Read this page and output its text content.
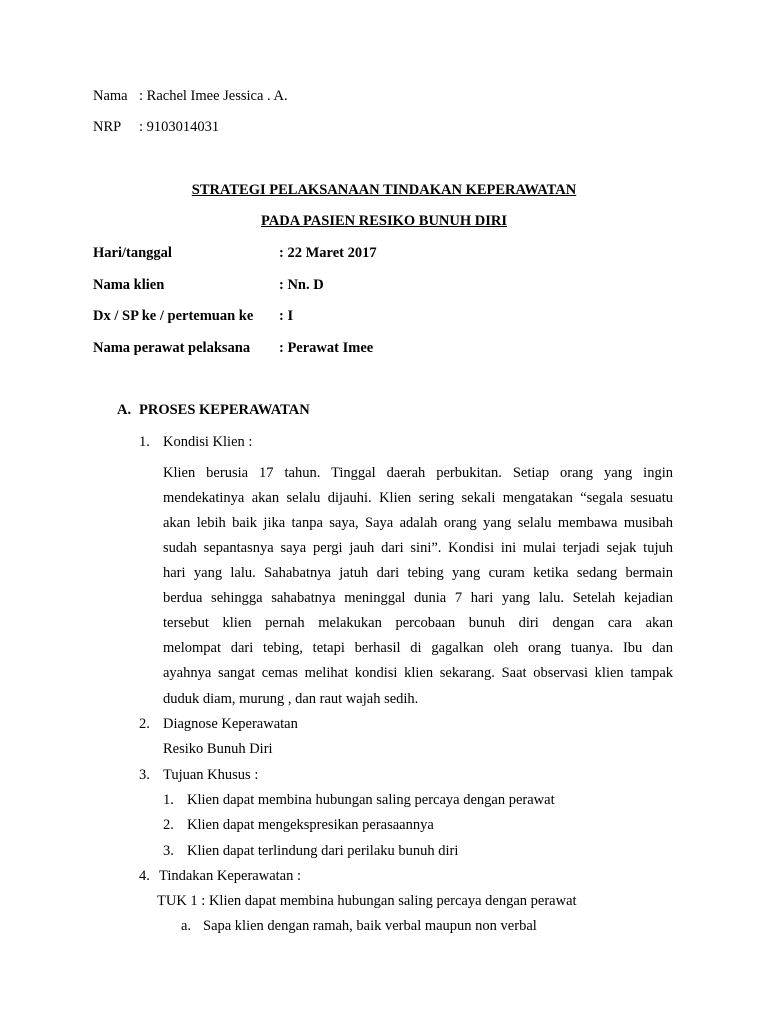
Nama : Rachel Imee Jessica . A.
NRP : 9103014031
STRATEGI PELAKSANAAN TINDAKAN KEPERAWATAN
PADA PASIEN RESIKO BUNUH DIRI
Hari/tanggal	: 22 Maret 2017
Nama klien	: Nn. D
Dx / SP ke / pertemuan ke : I
Nama perawat pelaksana : Perawat Imee
A. PROSES KEPERAWATAN
1. Kondisi Klien :
Klien berusia 17 tahun. Tinggal daerah perbukitan. Setiap orang yang ingin
mendekatinya akan selalu dijauhi. Klien sering sekali mengatakan “segala sesuatu
akan lebih baik jika tanpa saya, Saya adalah orang yang selalu membawa musibah
sudah sepantasnya saya pergi jauh dari sini”. Kondisi ini mulai terjadi sejak tujuh
hari yang lalu. Sahabatnya jatuh dari tebing yang curam ketika sedang bermain
berdua sehingga sahabatnya meninggal dunia 7 hari yang lalu. Setelah kejadian
tersebut klien pernah melakukan percobaan bunuh diri dengan cara akan
melompat dari tebing, tetapi berhasil di gagalkan oleh orang tuanya. Ibu dan
ayahnya sangat cemas melihat kondisi klien sekarang. Saat observasi klien tampak
duduk diam, murung , dan raut wajah sedih.
2. Diagnose Keperawatan
Resiko Bunuh Diri
3. Tujuan Khusus :
1. Klien dapat membina hubungan saling percaya dengan perawat
2. Klien dapat mengekspresikan perasaannya
3. Klien dapat terlindung dari perilaku bunuh diri
4. Tindakan Keperawatan :
TUK 1 : Klien dapat membina hubungan saling percaya dengan perawat
a. Sapa klien dengan ramah, baik verbal maupun non verbal
